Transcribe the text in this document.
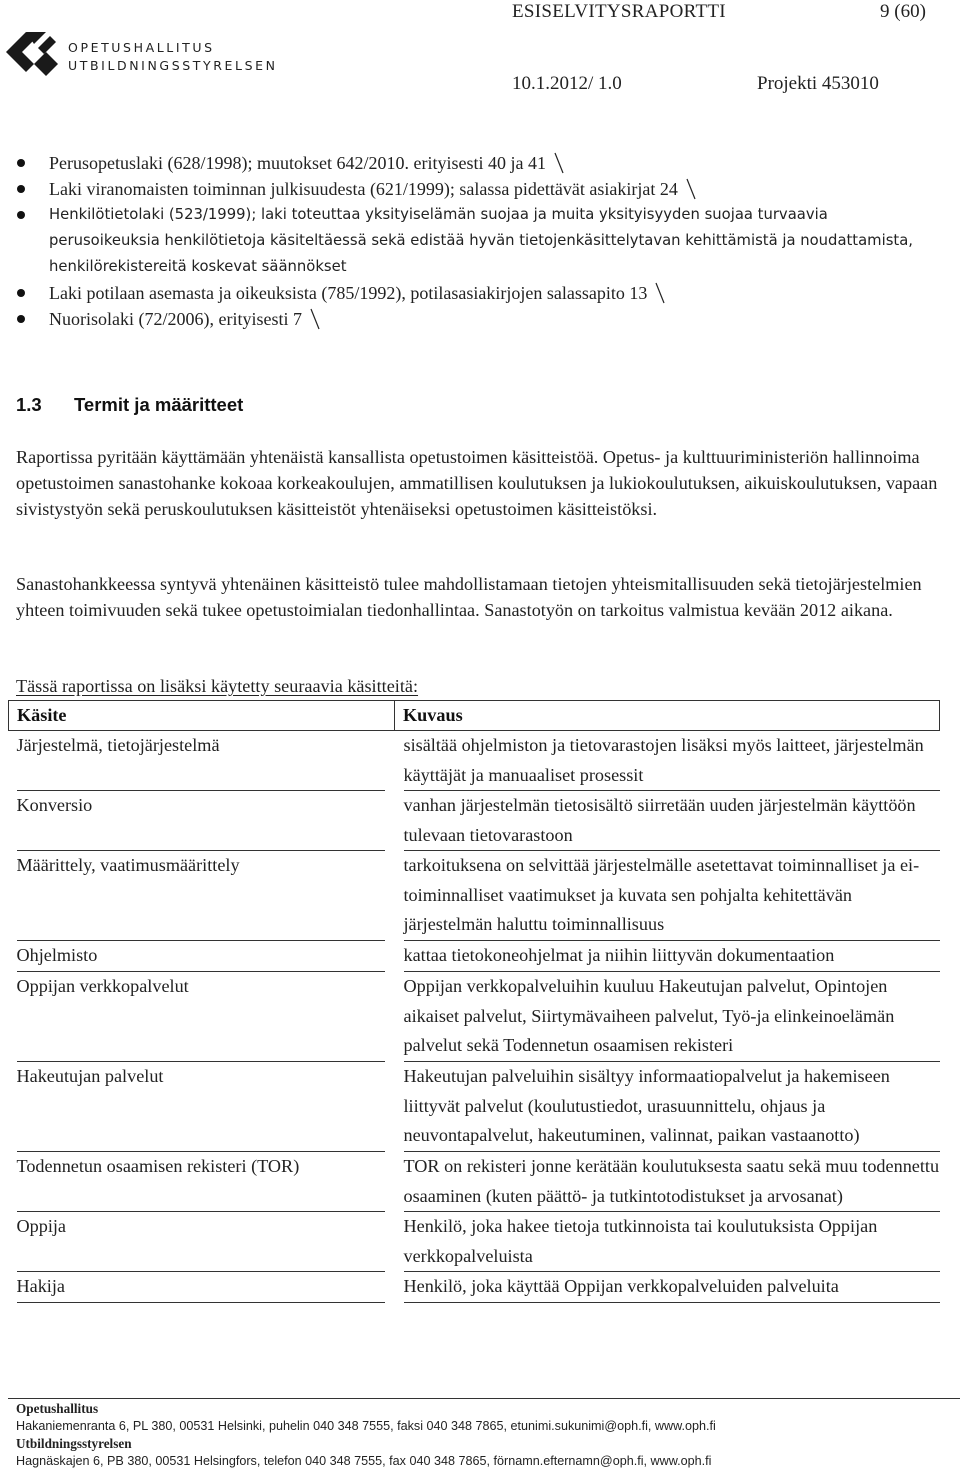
OPETUSHALLITUS
UTBILDNINGSSTYRELSEN
ESISELVITYSRAPORTTI	9 (60)
10.1.2012/ 1.0	Projekti 453010
Perusopetuslaki (628/1998); muutokset 642/2010. erityisesti 40 ja 41
Laki viranomaisten toiminnan julkisuudesta (621/1999); salassa pidettävät asiakirjat 24
Henkilötietolaki (523/1999); laki toteuttaa yksityiselämän suojaa ja muita yksityisyyden suojaa turvaavia perusoikeuksia henkilötietoja käsiteltäessä sekä edistää hyvän tietojenkäsittelytavan kehittämistä ja noudattamista, henkilörekistereitä koskevat säännökset
Laki potilaan asemasta ja oikeuksista (785/1992), potilasasiakirjojen salassapito 13
Nuorisolaki (72/2006), erityisesti 7
1.3 Termit ja määritteet

Raportissa pyritään käyttämään yhtenäistä kansallista opetustoimen käsitteistöä. Opetus- ja kulttuuriministeriön hallinnoima opetustoimen sanastohanke kokoaa korkeakoulujen, ammatillisen koulutuksen ja lukiokoulutuksen, aikuiskoulutuksen, vapaan sivistystyön sekä peruskoulutuksen käsitteistöt yhtenäiseksi opetustoimen käsitteistöksi.

Sanastohankkeessa syntyvä yhtenäinen käsitteistö tulee mahdollistamaan tietojen yhteismitallisuuden sekä tietojärjestelmien yhteen toimivuuden sekä tukee opetustoimialan tiedonhallintaa. Sanastotyön on tarkoitus valmistua kevään 2012 aikana.

Tässä raportissa on lisäksi käytetty seuraavia käsitteitä:
Käsite	Kuvaus

Järjestelmä, tietojärjestelmä	sisältää ohjelmiston ja tietovarastojen lisäksi myös laitteet, järjestelmän käyttäjät ja manuaaliset prosessit

Konversio	vanhan järjestelmän tietosisältö siirretään uuden järjestelmän käyttöön tulevaan tietovarastoon

Määrittely, vaatimusmäärittely	tarkoituksena on selvittää järjestelmälle asetettavat toiminnalliset ja ei-toiminnalliset vaatimukset ja kuvata sen pohjalta kehitettävän järjestelmän haluttu toiminnallisuus

Ohjelmisto	kattaa tietokoneohjelmat ja niihin liittyvän dokumentaation

Oppijan verkkopalvelut	Oppijan verkkopalveluihin kuuluu Hakeutujan palvelut, Opintojen aikaiset palvelut, Siirtymävaiheen palvelut, Työ-ja elinkeinoelämän palvelut sekä Todennetun osaamisen rekisteri

Hakeutujan palvelut	Hakeutujan palveluihin sisältyy informaatiopalvelut ja hakemiseen liittyvät palvelut (koulutustiedot, urasuunnittelu, ohjaus ja neuvontapalvelut, hakeutuminen, valinnat, paikan vastaanotto)

Todennetun osaamisen rekisteri (TOR)	TOR on rekisteri jonne kerätään koulutuksesta saatu sekä muu todennettu osaaminen (kuten päättö- ja tutkintotodistukset ja arvosanat)

Oppija	Henkilö, joka hakee tietoja tutkinnoista tai koulutuksista Oppijan verkkopalveluista

Hakija	Henkilö, joka käyttää Oppijan verkkopalveluiden palveluita
Opetushallitus
Hakaniemenranta 6, PL 380, 00531 Helsinki, puhelin 040 348 7555, faksi 040 348 7865, etunimi.sukunimi@oph.fi, www.oph.fi
Utbildningsstyrelsen
Hagnäskajen 6, PB 380, 00531 Helsingfors, telefon 040 348 7555, fax 040 348 7865, förnamn.efternamn@oph.fi, www.oph.fi
